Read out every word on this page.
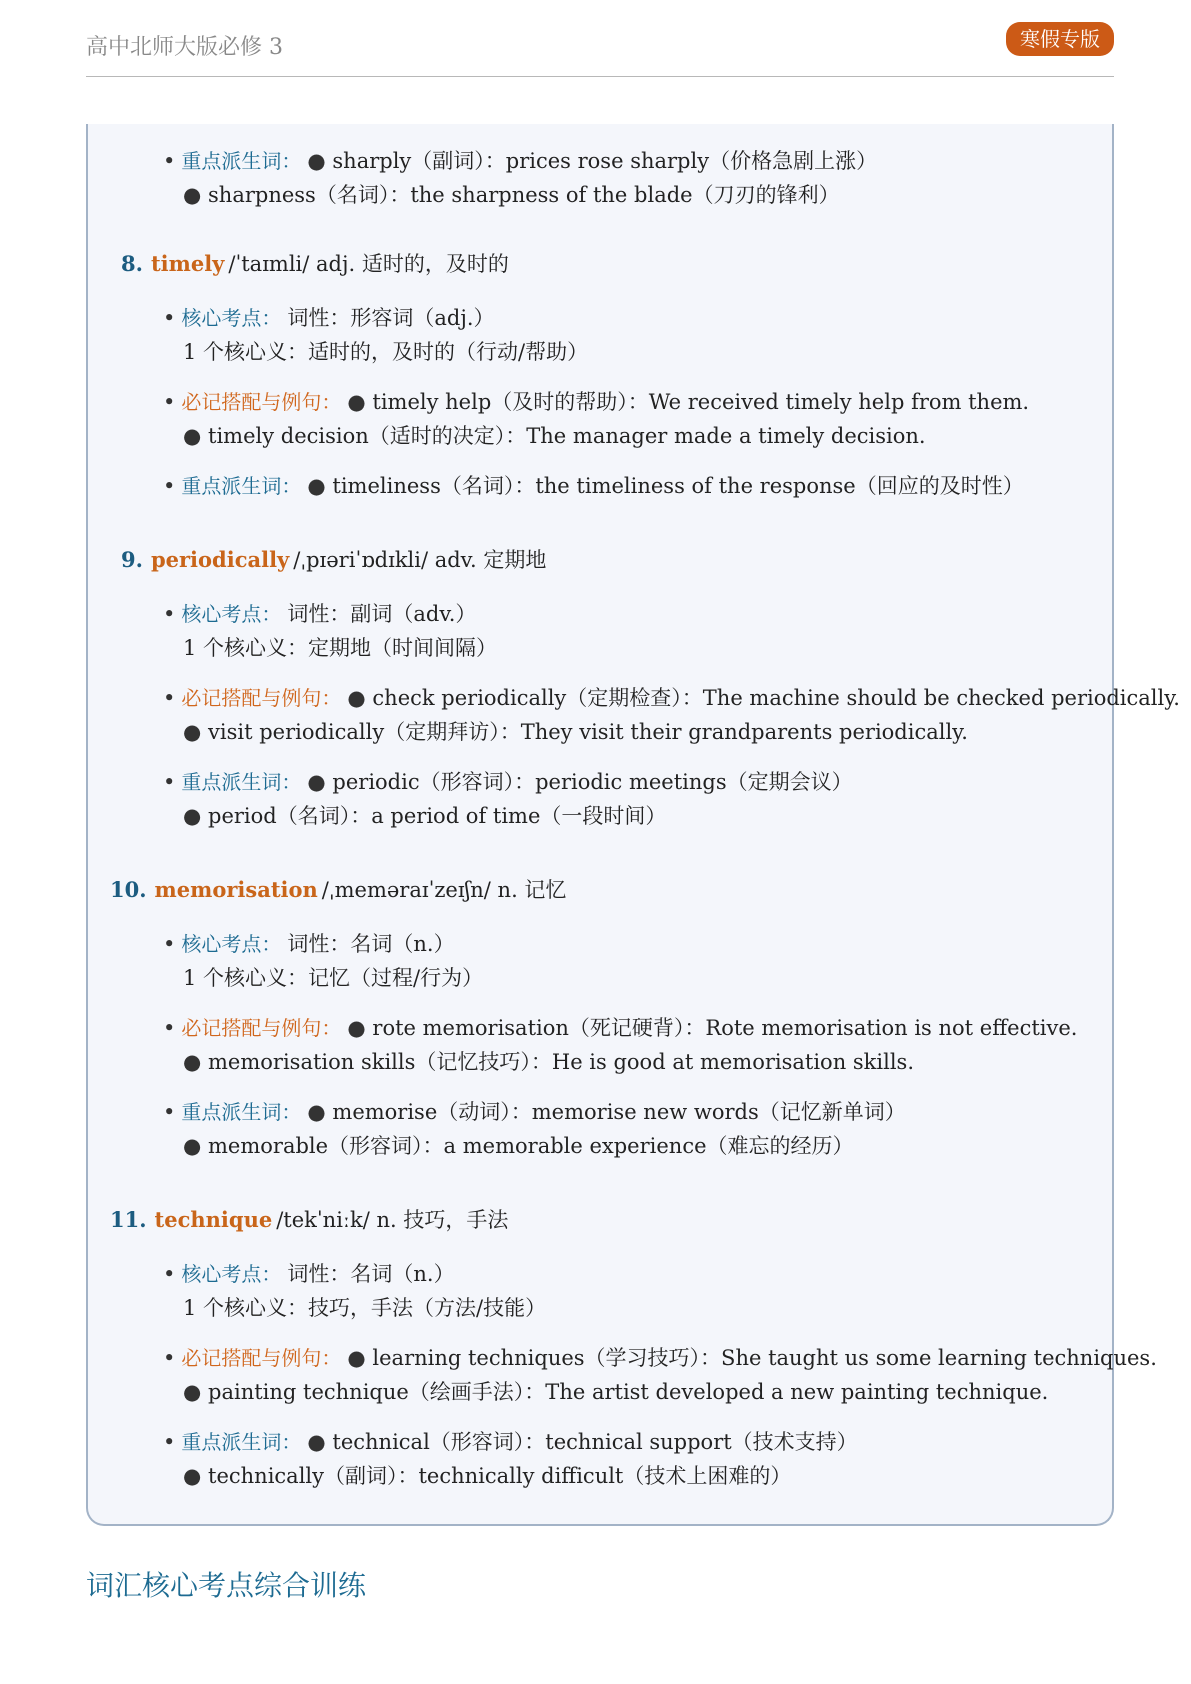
高中北师大版必修 3	寒假专版
• 重点派生词： ● sharply（副词）：prices rose sharply（价格急剧上涨）
● sharpness（名词）：the sharpness of the blade（刀刃的锋利）
8. timely /ˈtaɪmli/ adj. 适时的，及时的
• 核心考点： 词性：形容词（adj.）
1 个核心义：适时的，及时的（行动/帮助）
• 必记搭配与例句： ● timely help（及时的帮助）：We received timely help from them.
● timely decision（适时的决定）：The manager made a timely decision.
• 重点派生词： ● timeliness（名词）：the timeliness of the response（回应的及时性）
9. periodically /ˌpɪəriˈɒdɪkli/ adv. 定期地
• 核心考点： 词性：副词（adv.）
1 个核心义：定期地（时间间隔）
• 必记搭配与例句： ● check periodically（定期检查）：The machine should be checked periodically.
● visit periodically（定期拜访）：They visit their grandparents periodically.
• 重点派生词： ● periodic（形容词）：periodic meetings（定期会议）
● period（名词）：a period of time（一段时间）
10. memorisation /ˌmeməraɪˈzeɪʃn/ n. 记忆
• 核心考点： 词性：名词（n.）
1 个核心义：记忆（过程/行为）
• 必记搭配与例句： ● rote memorisation（死记硬背）：Rote memorisation is not effective.
● memorisation skills（记忆技巧）：He is good at memorisation skills.
• 重点派生词： ● memorise（动词）：memorise new words（记忆新单词）
● memorable（形容词）：a memorable experience（难忘的经历）
11. technique /tekˈniːk/ n. 技巧，手法
• 核心考点： 词性：名词（n.）
1 个核心义：技巧，手法（方法/技能）
• 必记搭配与例句： ● learning techniques（学习技巧）：She taught us some learning techniques.
● painting technique（绘画手法）：The artist developed a new painting technique.
• 重点派生词： ● technical（形容词）：technical support（技术支持）
● technically（副词）：technically difficult（技术上困难的）
词汇核心考点综合训练
